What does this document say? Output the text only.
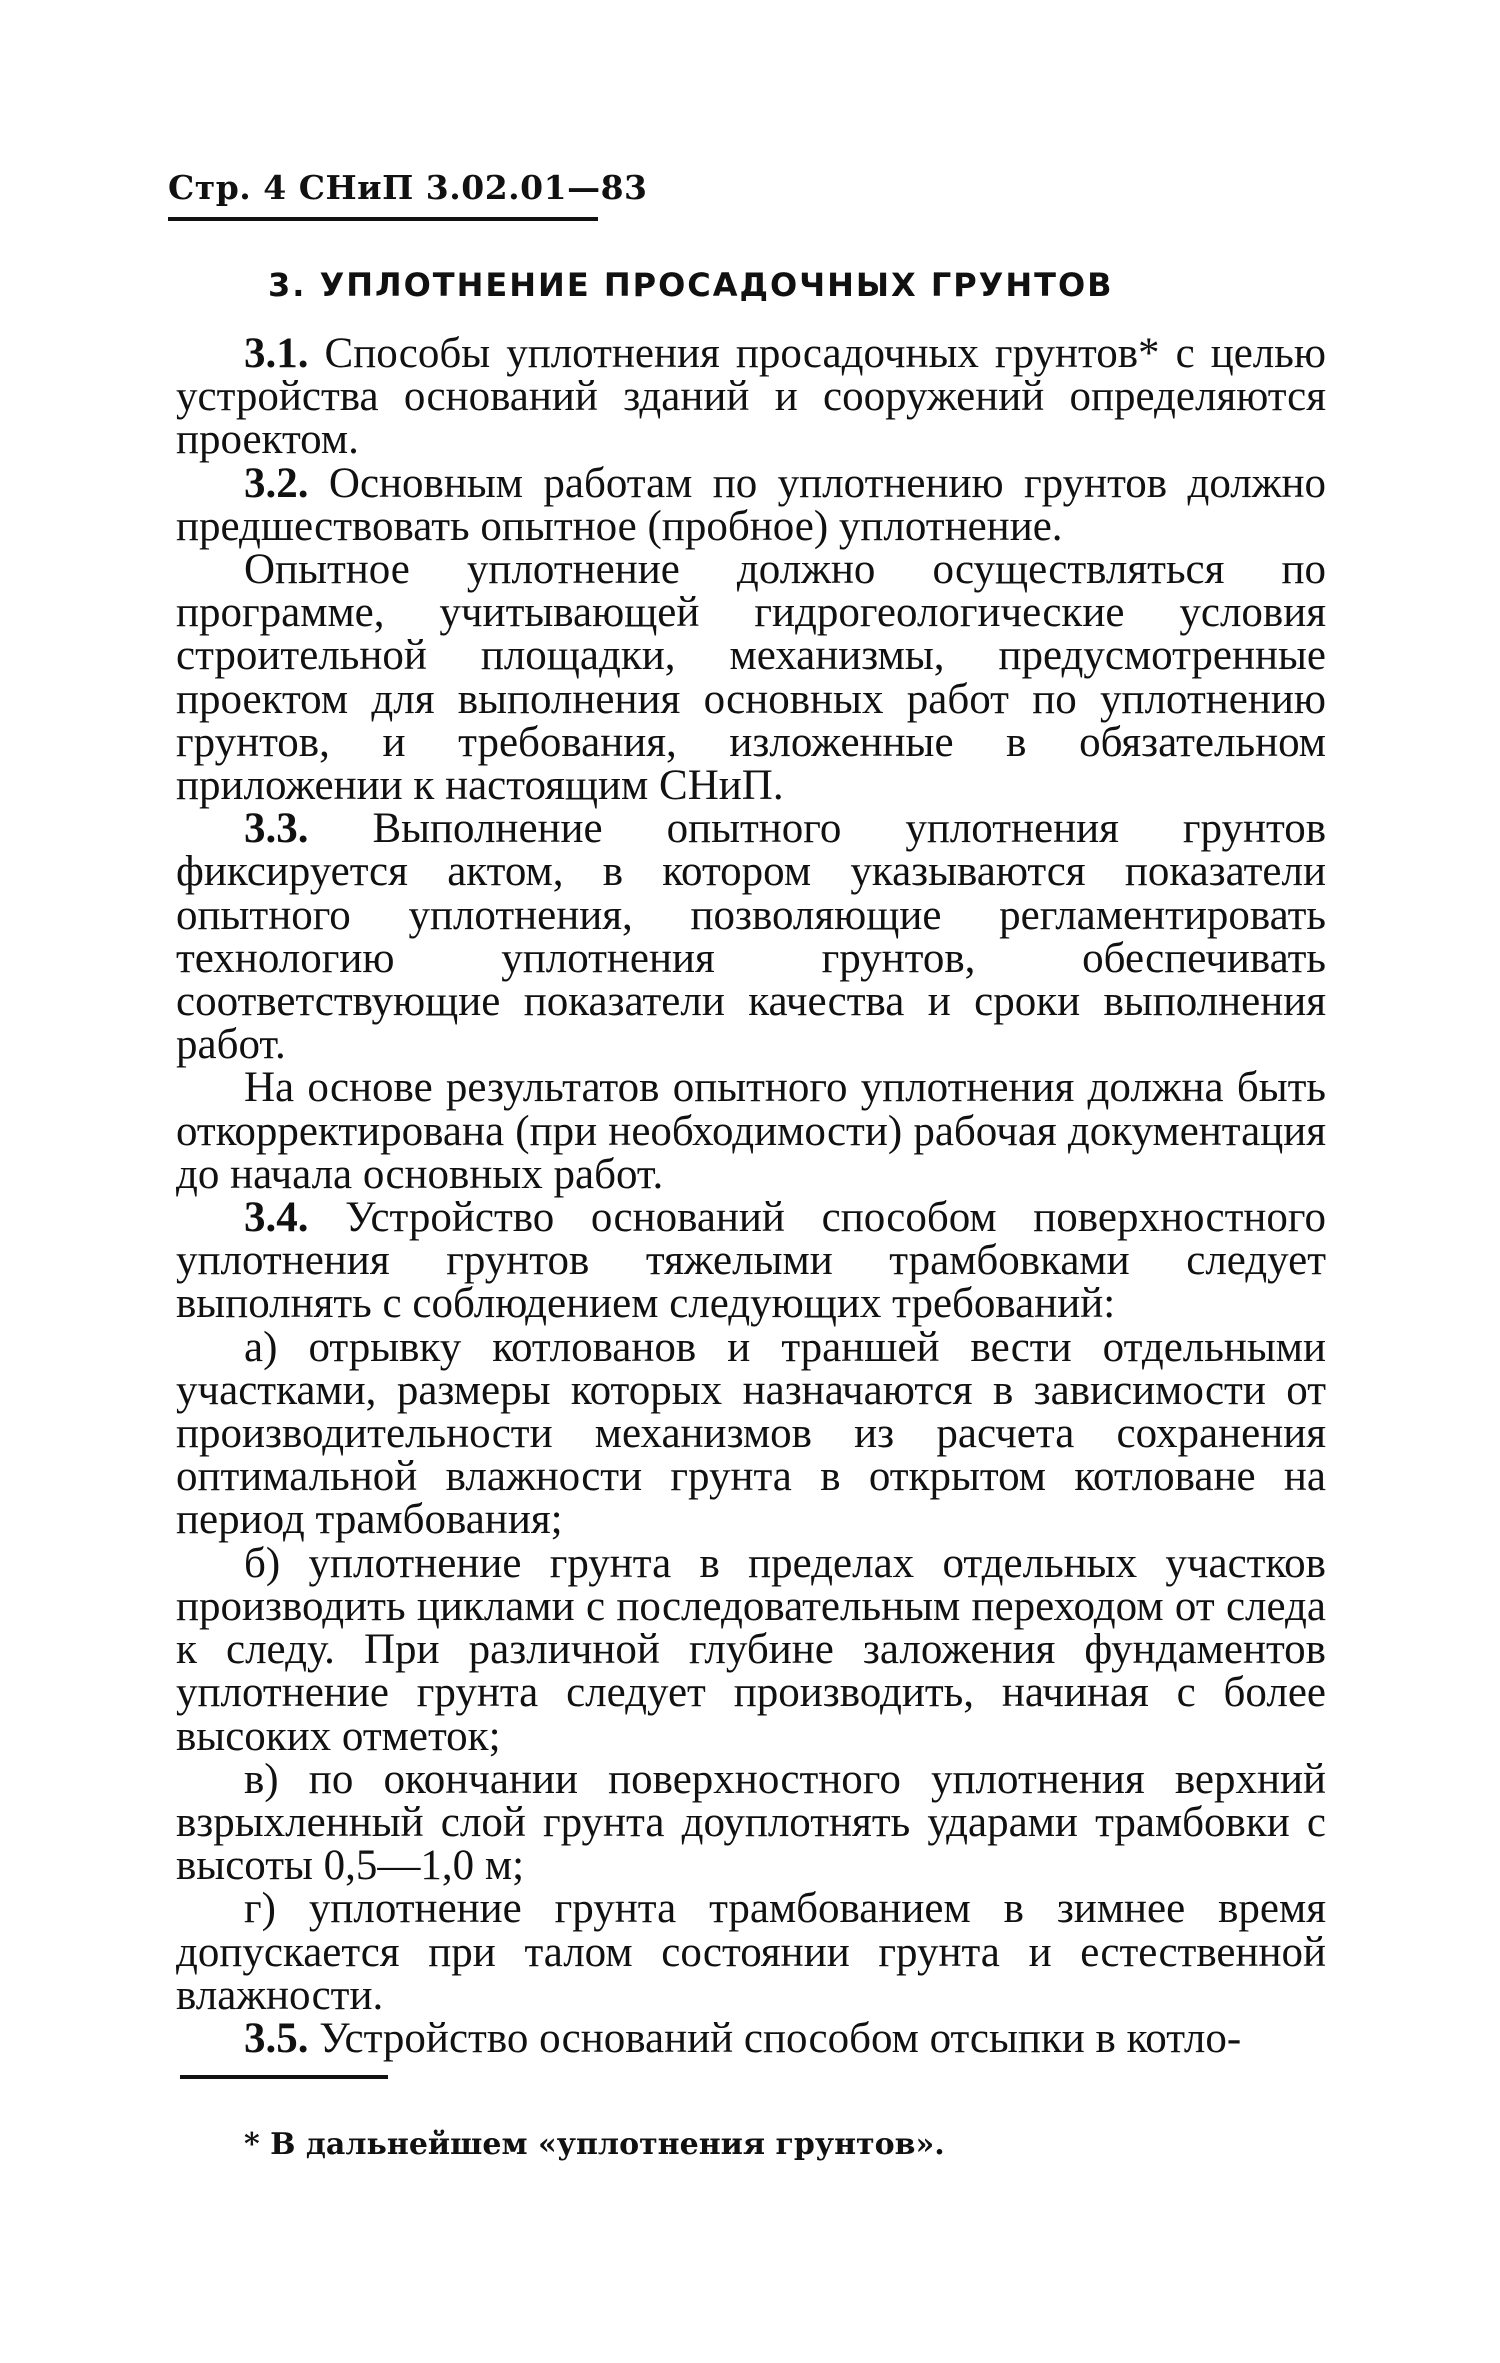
Стр. 4 СНиП 3.02.01—83
3. УПЛОТНЕНИЕ ПРОСАДОЧНЫХ ГРУНТОВ

3.1. Способы уплотнения просадочных грунтов* с целью устройства оснований зданий и сооружений определяются проектом.

3.2. Основным работам по уплотнению грунтов должно предшествовать опытное (пробное) уплотнение.

Опытное уплотнение должно осуществляться по программе, учитывающей гидрогеологические условия строительной площадки, механизмы, предусмотренные проектом для выполнения основных работ по уплотнению грунтов, и требования, изложенные в обязательном приложении к настоящим СНиП.

3.3. Выполнение опытного уплотнения грунтов фиксируется актом, в котором указываются показатели опытного уплотнения, позволяющие регламентировать технологию уплотнения грунтов, обеспечивать соответствующие показатели качества и сроки выполнения работ.

На основе результатов опытного уплотнения должна быть откорректирована (при необходимости) рабочая документация до начала основных работ.

3.4. Устройство оснований способом поверхностного уплотнения грунтов тяжелыми трамбовками следует выполнять с соблюдением следующих требований:

а) отрывку котлованов и траншей вести отдельными участками, размеры которых назначаются в зависимости от производительности механизмов из расчета сохранения оптимальной влажности грунта в открытом котловане на период трамбования;

б) уплотнение грунта в пределах отдельных участков производить циклами с последовательным переходом от следа к следу. При различной глубине заложения фундаментов уплотнение грунта следует производить, начиная с более высоких отметок;

в) по окончании поверхностного уплотнения верхний взрыхленный слой грунта доуплотнять ударами трамбовки с высоты 0,5—1,0 м;

г) уплотнение грунта трамбованием в зимнее время допускается при талом состоянии грунта и естественной влажности.

3.5. Устройство оснований способом отсыпки в котло-

* В дальнейшем «уплотнения грунтов».
